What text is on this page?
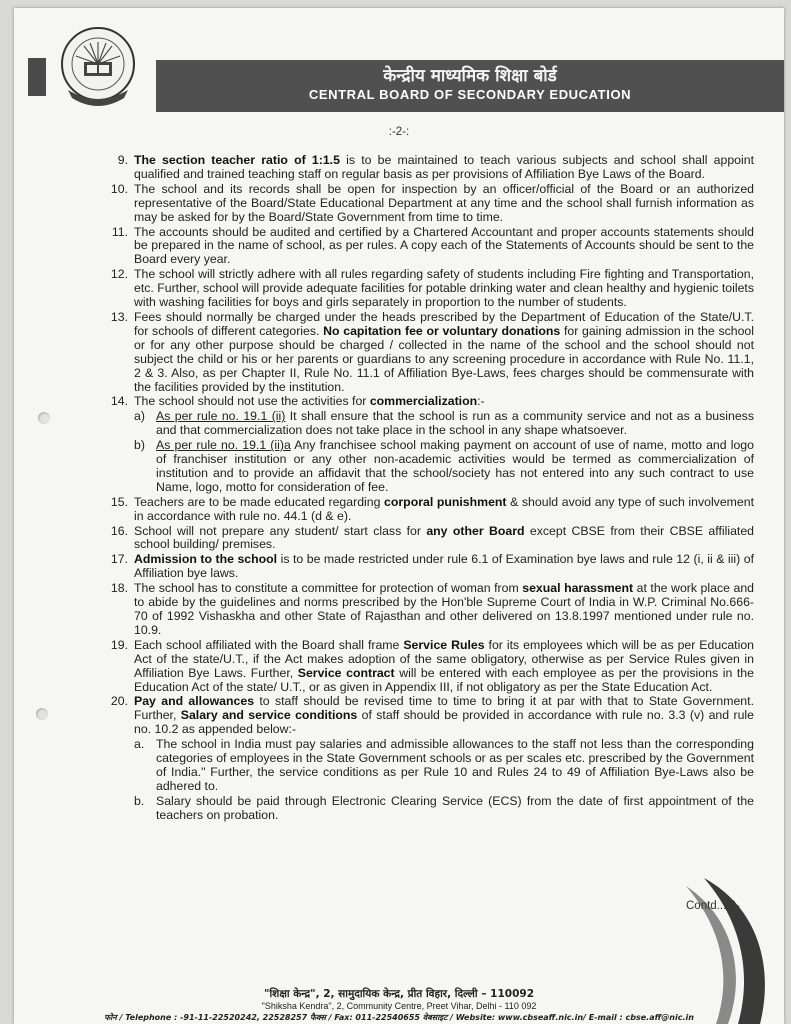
केन्द्रीय माध्यमिक शिक्षा बोर्ड
CENTRAL BOARD OF SECONDARY EDUCATION
:-2-:
9. The section teacher ratio of 1:1.5 is to be maintained to teach various subjects and school shall appoint qualified and trained teaching staff on regular basis as per provisions of Affiliation Bye Laws of the Board.
10. The school and its records shall be open for inspection by an officer/official of the Board or an authorized representative of the Board/State Educational Department at any time and the school shall furnish information as may be asked for by the Board/State Government from time to time.
11. The accounts should be audited and certified by a Chartered Accountant and proper accounts statements should be prepared in the name of school, as per rules. A copy each of the Statements of Accounts should be sent to the Board every year.
12. The school will strictly adhere with all rules regarding safety of students including Fire fighting and Transportation, etc. Further, school will provide adequate facilities for potable drinking water and clean healthy and hygienic toilets with washing facilities for boys and girls separately in proportion to the number of students.
13. Fees should normally be charged under the heads prescribed by the Department of Education of the State/U.T. for schools of different categories. No capitation fee or voluntary donations for gaining admission in the school or for any other purpose should be charged / collected in the name of the school and the school should not subject the child or his or her parents or guardians to any screening procedure in accordance with Rule No. 11.1, 2 & 3. Also, as per Chapter II, Rule No. 11.1 of Affiliation Bye-Laws, fees charges should be commensurate with the facilities provided by the institution.
14. The school should not use the activities for commercialization:-
a) As per rule no. 19.1 (ii) It shall ensure that the school is run as a community service and not as a business and that commercialization does not take place in the school in any shape whatsoever.
b) As per rule no. 19.1 (ii)a Any franchisee school making payment on account of use of name, motto and logo of franchiser institution or any other non-academic activities would be termed as commercialization of institution and to provide an affidavit that the school/society has not entered into any such contract to use Name, logo, motto for consideration of fee.
15. Teachers are to be made educated regarding corporal punishment & should avoid any type of such involvement in accordance with rule no. 44.1 (d & e).
16. School will not prepare any student/ start class for any other Board except CBSE from their CBSE affiliated school building/ premises.
17. Admission to the school is to be made restricted under rule 6.1 of Examination bye laws and rule 12 (i, ii & iii) of Affiliation bye laws.
18. The school has to constitute a committee for protection of woman from sexual harassment at the work place and to abide by the guidelines and norms prescribed by the Hon'ble Supreme Court of India in W.P. Criminal No.666-70 of 1992 Vishaskha and other State of Rajasthan and other delivered on 13.8.1997 mentioned under rule no. 10.9.
19. Each school affiliated with the Board shall frame Service Rules for its employees which will be as per Education Act of the state/U.T., if the Act makes adoption of the same obligatory, otherwise as per Service Rules given in Affiliation Bye Laws. Further, Service contract will be entered with each employee as per the provisions in the Education Act of the state/ U.T., or as given in Appendix III, if not obligatory as per the State Education Act.
20. Pay and allowances to staff should be revised time to time to bring it at par with that to State Government. Further, Salary and service conditions of staff should be provided in accordance with rule no. 3.3 (v) and rule no. 10.2 as appended below:-
a. The school in India must pay salaries and admissible allowances to the staff not less than the corresponding categories of employees in the State Government schools or as per scales etc. prescribed by the Government of India." Further, the service conditions as per Rule 10 and Rules 24 to 49 of Affiliation Bye-Laws also be adhered to.
b. Salary should be paid through Electronic Clearing Service (ECS) from the date of first appointment of the teachers on probation.
Contd... 3-
"शिक्षा केन्द्र", 2, सामुदायिक केन्द्र, प्रीत विहार, दिल्ली – 110092
"Shiksha Kendra", 2, Community Centre, Preet Vihar, Delhi - 110 092
फोन / Telephone : -91-11-22520242, 22528257 फैक्स / Fax: 011-22540655 वेबसाइट / Website: www.cbseaff.nic.in/ E-mail : cbse.aff@nic.in
